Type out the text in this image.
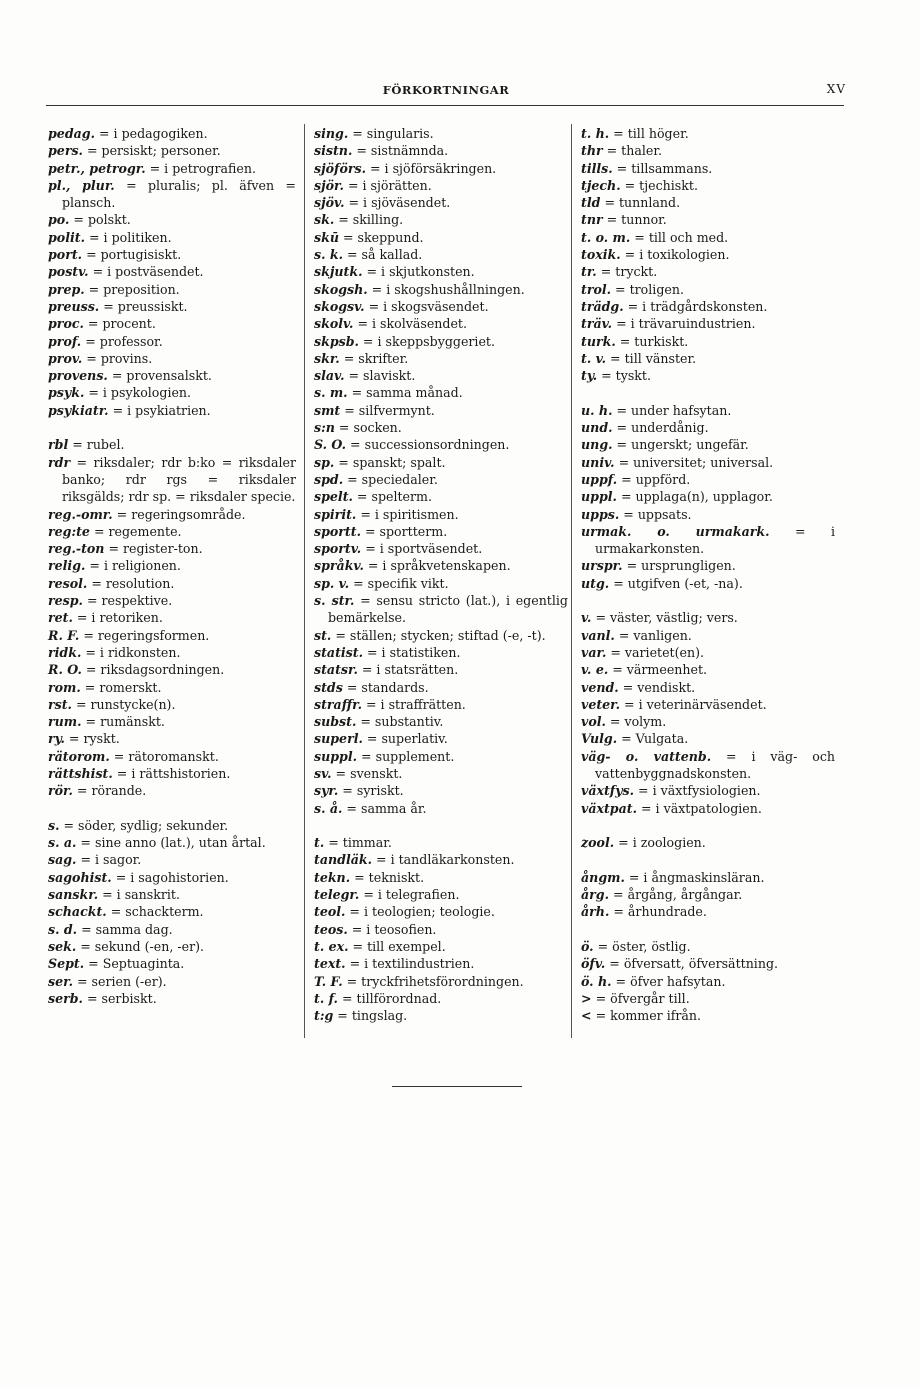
FÖRKORTNINGAR	XV
pedag. = i pedagogiken.
pers. = persiskt; personer.
petr., petrogr. = i petrografien.
pl., plur. = pluralis; pl. äfven = plansch.
po. = polskt.
polit. = i politiken.
port. = portugisiskt.
postv. = i postväsendet.
prep. = preposition.
preuss. = preussiskt.
proc. = procent.
prof. = professor.
prov. = provins.
provens. = provensalskt.
psyk. = i psykologien.
psykiatr. = i psykiatrien.
rbl = rubel.
rdr = riksdaler; rdr b:ko = riksdaler banko; rdr rgs = riksdaler riksgälds; rdr sp. = riksdaler specie.
reg.-omr. = regeringsområde.
reg:te = regemente.
reg.-ton = register-ton.
relig. = i religionen.
resol. = resolution.
resp. = respektive.
ret. = i retoriken.
R. F. = regeringsformen.
ridk. = i ridkonsten.
R. O. = riksdagsordningen.
rom. = romerskt.
rst. = runstycke(n).
rum. = rumänskt.
ry. = ryskt.
rätorom. = rätoromanskt.
rättshist. = i rättshistorien.
rör. = rörande.
s. = söder, sydlig; sekunder.
s. a. = sine anno (lat.), utan årtal.
sag. = i sagor.
sagohist. = i sagohistorien.
sanskr. = i sanskrit.
schackt. = schackterm.
s. d. = samma dag.
sek. = sekund (-en, -er).
Sept. = Septuaginta.
ser. = serien (-er).
serb. = serbiskt.
sing. = singularis.
sistn. = sistnämnda.
sjöförs. = i sjöförsäkringen.
sjör. = i sjörätten.
sjöv. = i sjöväsendet.
sk. = skilling.
skū = skeppund.
s. k. = så kallad.
skjutk. = i skjutkonsten.
skogsh. = i skogshushållningen.
skogsv. = i skogsväsendet.
skolv. = i skolväsendet.
skpsb. = i skeppsbyggeriet.
skr. = skrifter.
slav. = slaviskt.
s. m. = samma månad.
smt = silfvermynt.
s:n = socken.
S. O. = successionsordningen.
sp. = spanskt; spalt.
spd. = speciedaler.
spelt. = spelterm.
spirit. = i spiritismen.
sportt. = sportterm.
sportv. = i sportväsendet.
språkv. = i språkvetenskapen.
sp. v. = specifik vikt.
s. str. = sensu stricto (lat.), i egentlig bemärkelse.
st. = ställen; stycken; stiftad (-e, -t).
statist. = i statistiken.
statsr. = i statsrätten.
stds = standards.
straffr. = i straffrätten.
subst. = substantiv.
superl. = superlativ.
suppl. = supplement.
sv. = svenskt.
syr. = syriskt.
s. å. = samma år.
t. = timmar.
tandläk. = i tandläkarkonsten.
tekn. = tekniskt.
telegr. = i telegrafien.
teol. = i teologien; teologie.
teos. = i teosofien.
t. ex. = till exempel.
text. = i textilindustrien.
T. F. = tryckfrihetsförordningen.
t. f. = tillförordnad.
t:g = tingslag.
t. h. = till höger.
thr = thaler.
tills. = tillsammans.
tjech. = tjechiskt.
tld = tunnland.
tnr = tunnor.
t. o. m. = till och med.
toxik. = i toxikologien.
tr. = tryckt.
trol. = troligen.
trädg. = i trädgårdskonsten.
träv. = i trävaruindustrien.
turk. = turkiskt.
t. v. = till vänster.
ty. = tyskt.
u. h. = under hafsytan.
und. = underdånig.
ung. = ungerskt; ungefär.
univ. = universitet; universal.
uppf. = uppförd.
uppl. = upplaga(n), upplagor.
upps. = uppsats.
urmak. o. urmakark. = i urmakarkonsten.
urspr. = ursprungligen.
utg. = utgifven (-et, -na).
v. = väster, västlig; vers.
vanl. = vanligen.
var. = varietet(en).
v. e. = värmeenhet.
vend. = vendiskt.
veter. = i veterinärväsendet.
vol. = volym.
Vulg. = Vulgata.
väg- o. vattenb. = i väg- och vattenbyggnadskonsten.
växtfys. = i växtfysiologien.
växtpat. = i växtpatologien.
zool. = i zoologien.
ångm. = i ångmaskinsläran.
årg. = årgång, årgångar.
årh. = århundrade.
ö. = öster, östlig.
öfv. = öfversatt, öfversättning.
ö. h. = öfver hafsytan.
> = öfvergår till.
< = kommer ifrån.
